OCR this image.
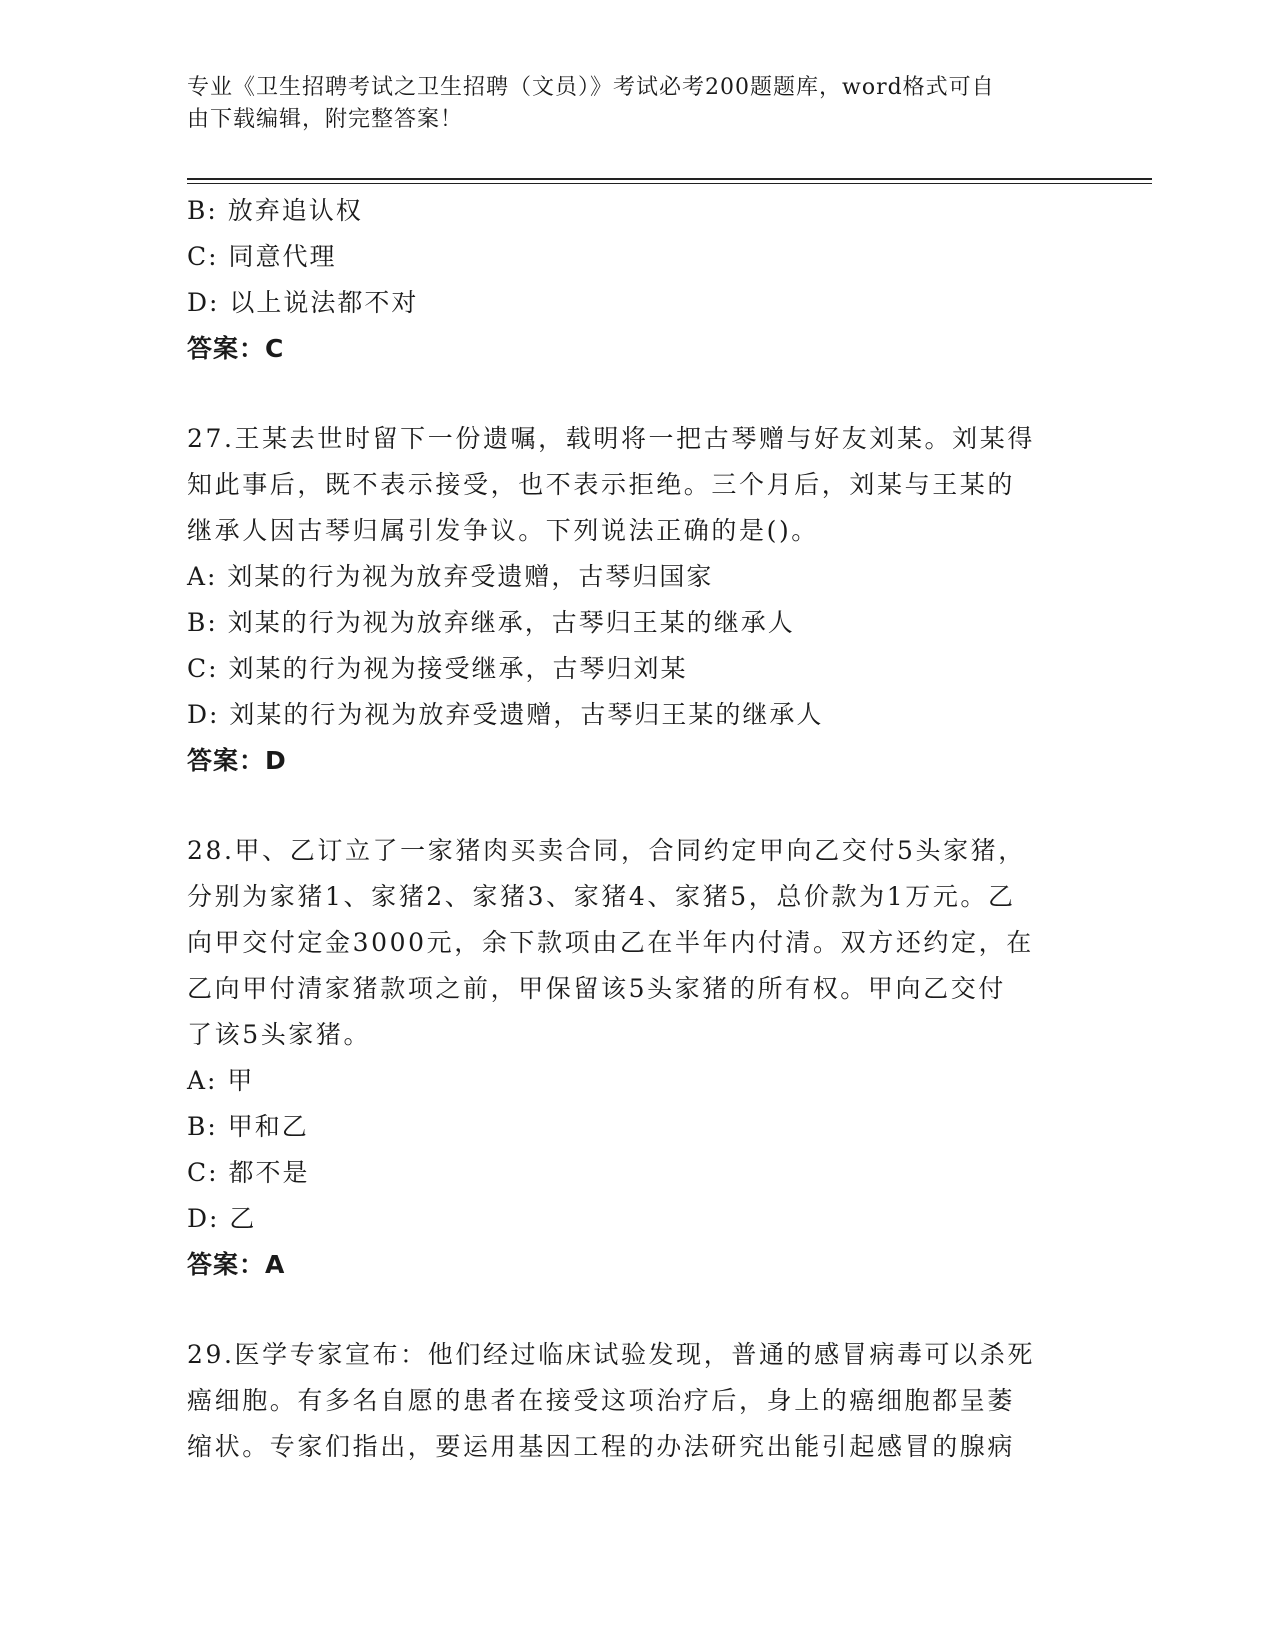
专业《卫生招聘考试之卫生招聘（文员）》考试必考200题题库，word格式可自
由下载编辑，附完整答案！
B: 放弃追认权
C: 同意代理
D: 以上说法都不对
答案：C
27.王某去世时留下一份遗嘱，载明将一把古琴赠与好友刘某。刘某得
知此事后，既不表示接受，也不表示拒绝。三个月后，刘某与王某的
继承人因古琴归属引发争议。下列说法正确的是()。
A: 刘某的行为视为放弃受遗赠，古琴归国家
B: 刘某的行为视为放弃继承，古琴归王某的继承人
C: 刘某的行为视为接受继承，古琴归刘某
D: 刘某的行为视为放弃受遗赠，古琴归王某的继承人
答案：D
28.甲、乙订立了一家猪肉买卖合同，合同约定甲向乙交付5头家猪，
分别为家猪1、家猪2、家猪3、家猪4、家猪5，总价款为1万元。乙
向甲交付定金3000元，余下款项由乙在半年内付清。双方还约定，在
乙向甲付清家猪款项之前，甲保留该5头家猪的所有权。甲向乙交付
了该5头家猪。
A: 甲
B: 甲和乙
C: 都不是
D: 乙
答案：A
29.医学专家宣布：他们经过临床试验发现，普通的感冒病毒可以杀死
癌细胞。有多名自愿的患者在接受这项治疗后，身上的癌细胞都呈萎
缩状。专家们指出，要运用基因工程的办法研究出能引起感冒的腺病
